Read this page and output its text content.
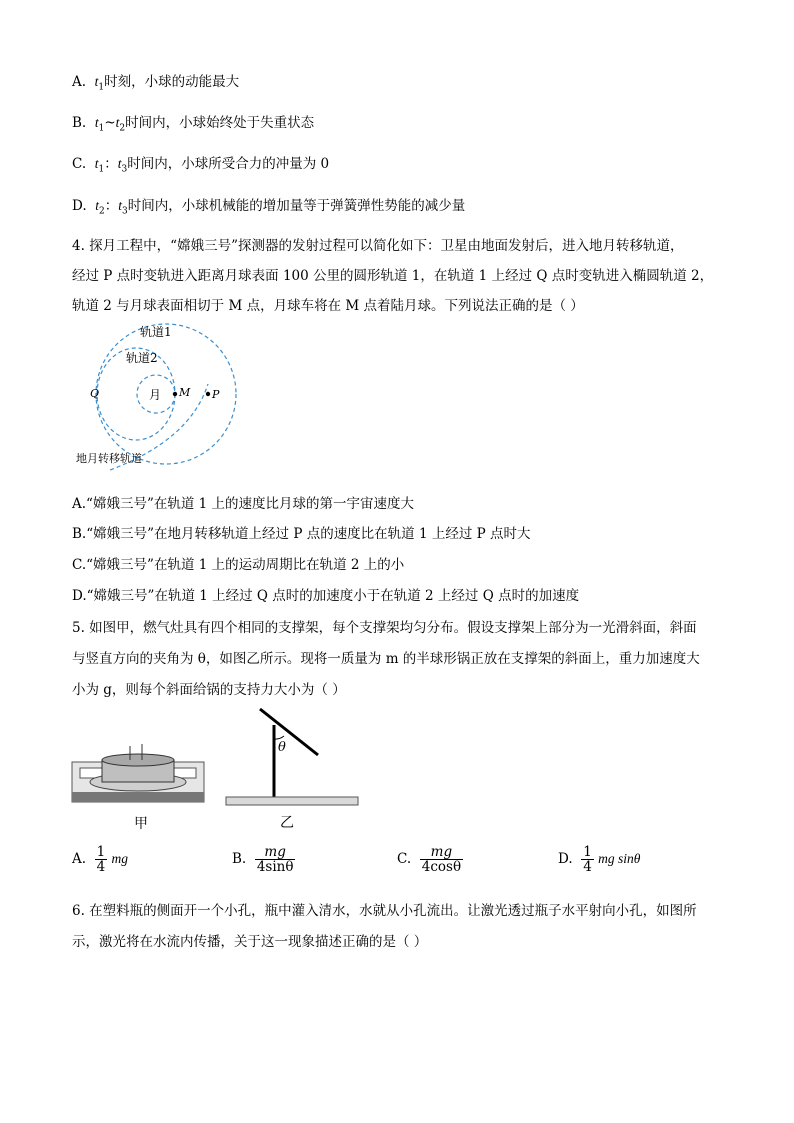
A. $t_1$时刻，小球的动能最大
B. $t_1\sim t_2$时间内，小球始终处于失重状态
C. $t_1$：$t_3$时间内，小球所受合力的冲量为 0
D. $t_2$：$t_3$时间内，小球机械能的增加量等于弹簧弹性势能的减少量
4. 探月工程中，“嫦娥三号”探测器的发射过程可以简化如下：卫星由地面发射后，进入地月转移轨道，
经过 P 点时变轨进入距离月球表面 100 公里的圆形轨道 1，在轨道 1 上经过 Q 点时变轨进入椭圆轨道 2，
轨道 2 与月球表面相切于 M 点，月球车将在 M 点着陆月球。下列说法正确的是（ ）
轨道1
轨道2
月 M
Q	P
地月转移轨道
A.“嫦娥三号”在轨道 1 上的速度比月球的第一宇宙速度大
B.“嫦娥三号”在地月转移轨道上经过 P 点的速度比在轨道 1 上经过 P 点时大
C.“嫦娥三号”在轨道 1 上的运动周期比在轨道 2 上的小
D.“嫦娥三号”在轨道 1 上经过 Q 点时的加速度小于在轨道 2 上经过 Q 点时的加速度
5. 如图甲，燃气灶具有四个相同的支撑架，每个支撑架均匀分布。假设支撑架上部分为一光滑斜面，斜面
与竖直方向的夹角为 θ，如图乙所示。现将一质量为 m 的半球形锅正放在支撑架的斜面上，重力加速度大
小为 g，则每个斜面给锅的支持力大小为（ ）
甲
θ
乙
A. $\frac{1}{4}$ mg	B. $\frac{mg}{4\sin\theta}$	C. $\frac{mg}{4\cos\theta}$	D. $\frac{1}{4}$ mg sinθ
6. 在塑料瓶的侧面开一个小孔，瓶中灌入清水，水就从小孔流出。让激光透过瓶子水平射向小孔，如图所
示，激光将在水流内传播，关于这一现象描述正确的是（ ）
